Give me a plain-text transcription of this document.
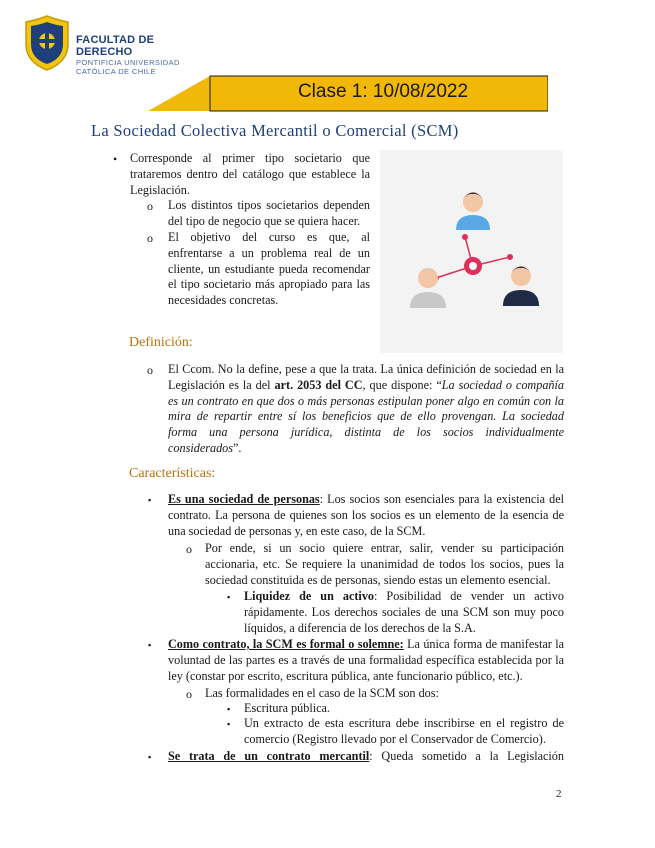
FACULTAD DE DERECHO
PONTIFICIA UNIVERSIDAD
CATÓLICA DE CHILE
Clase 1: 10/08/2022
La Sociedad Colectiva Mercantil o Comercial (SCM)
• Corresponde al primer tipo societario que trataremos dentro del catálogo que establece la Legislación.
o Los distintos tipos societarios dependen del tipo de negocio que se quiera hacer.
o El objetivo del curso es que, al enfrentarse a un problema real de un cliente, un estudiante pueda recomendar el tipo societario más apropiado para las necesidades concretas.
Definición:
o El Ccom. No la define, pese a que la trata. La única definición de sociedad en la Legislación es la del art. 2053 del CC, que dispone: “La sociedad o compañía es un contrato en que dos o más personas estipulan poner algo en común con la mira de repartir entre sí los beneficios que de ello provengan. La sociedad forma una persona jurídica, distinta de los socios individualmente considerados”.
Características:
▪ Es una sociedad de personas: Los socios son esenciales para la existencia del contrato. La persona de quienes son los socios es un elemento de la esencia de una sociedad de personas y, en este caso, de la SCM.
o Por ende, si un socio quiere entrar, salir, vender su participación accionaria, etc. Se requiere la unanimidad de todos los socios, pues la sociedad constituida es de personas, siendo estas un elemento esencial.
▪ Liquidez de un activo: Posibilidad de vender un activo rápidamente. Los derechos sociales de una SCM son muy poco líquidos, a diferencia de los derechos de la S.A.
▪ Como contrato, la SCM es formal o solemne: La única forma de manifestar la voluntad de las partes es a través de una formalidad específica establecida por la ley (constar por escrito, escritura pública, ante funcionario público, etc.).
o Las formalidades en el caso de la SCM son dos:
▪ Escritura pública.
▪ Un extracto de esta escritura debe inscribirse en el registro de comercio (Registro llevado por el Conservador de Comercio).
▪ Se trata de un contrato mercantil: Queda sometido a la Legislación
2
